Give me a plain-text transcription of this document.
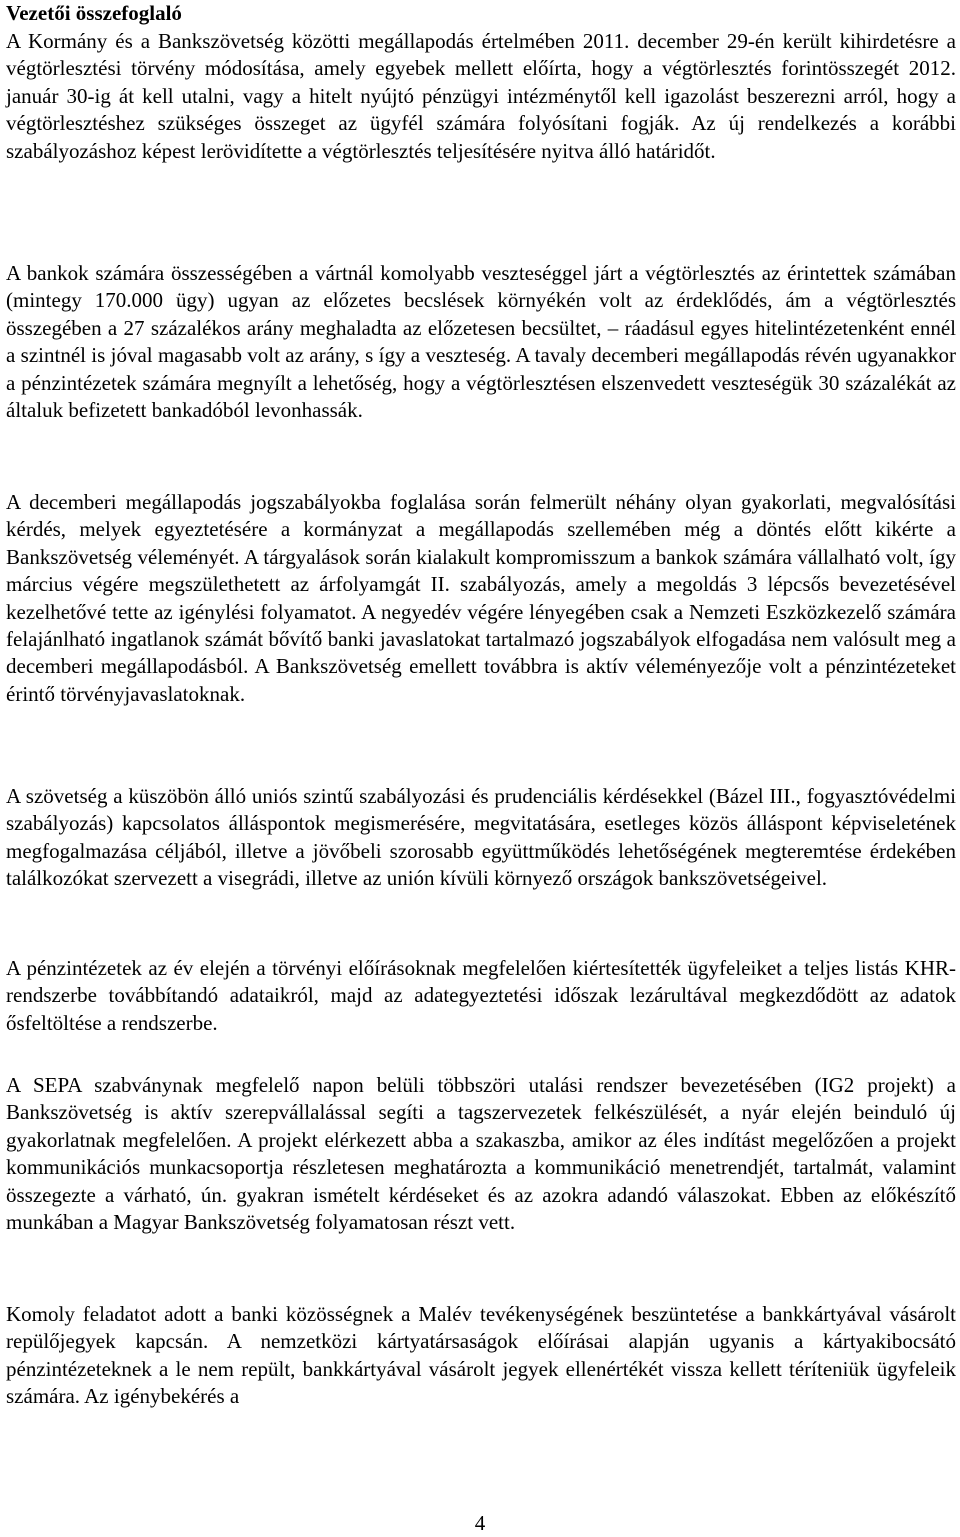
Vezetői összefoglaló

A Kormány és a Bankszövetség közötti megállapodás értelmében 2011. december 29-én került kihirdetésre a végtörlesztési törvény módosítása, amely egyebek mellett előírta, hogy a végtörlesztés forintösszegét 2012. január 30-ig át kell utalni, vagy a hitelt nyújtó pénzügyi intézménytől kell igazolást beszerezni arról, hogy a végtörlesztéshez szükséges összeget az ügyfél számára folyósítani fogják. Az új rendelkezés a korábbi szabályozáshoz képest lerövidítette a végtörlesztés teljesítésére nyitva álló határidőt.

A bankok számára összességében a vártnál komolyabb veszteséggel járt a végtörlesztés az érintettek számában (mintegy 170.000 ügy) ugyan az előzetes becslések környékén volt az érdeklődés, ám a végtörlesztés összegében a 27 százalékos arány meghaladta az előzetesen becsültet, – ráadásul egyes hitelintézetenként ennél a szintnél is jóval magasabb volt az arány, s így a veszteség. A tavaly decemberi megállapodás révén ugyanakkor a pénzintézetek számára megnyílt a lehetőség, hogy a végtörlesztésen elszenvedett veszteségük 30 százalékát az általuk befizetett bankadóból levonhassák.

A decemberi megállapodás jogszabályokba foglalása során felmerült néhány olyan gyakorlati, megvalósítási kérdés, melyek egyeztetésére a kormányzat a megállapodás szellemében még a döntés előtt kikérte a Bankszövetség véleményét. A tárgyalások során kialakult kompromisszum a bankok számára vállalható volt, így március végére megszülethetett az árfolyamgát II. szabályozás, amely a megoldás 3 lépcsős bevezetésével kezelhetővé tette az igénylési folyamatot. A negyedév végére lényegében csak a Nemzeti Eszközkezelő számára felajánlható ingatlanok számát bővítő banki javaslatokat tartalmazó jogszabályok elfogadása nem valósult meg a decemberi megállapodásból. A Bankszövetség emellett továbbra is aktív véleményezője volt a pénzintézeteket érintő törvényjavaslatoknak.

A szövetség a küszöbön álló uniós szintű szabályozási és prudenciális kérdésekkel (Bázel III., fogyasztóvédelmi szabályozás) kapcsolatos álláspontok megismerésére, megvitatására, esetleges közös álláspont képviseletének megfogalmazása céljából, illetve a jövőbeli szorosabb együttműködés lehetőségének megteremtése érdekében találkozókat szervezett a visegrádi, illetve az unión kívüli környező országok bankszövetségeivel.

A pénzintézetek az év elején a törvényi előírásoknak megfelelően kiértesítették ügyfeleiket a teljes listás KHR-rendszerbe továbbítandó adataikról, majd az adategyeztetési időszak lezárultával megkezdődött az adatok ősfeltöltése a rendszerbe.

A SEPA szabványnak megfelelő napon belüli többszöri utalási rendszer bevezetésében (IG2 projekt) a Bankszövetség is aktív szerepvállalással segíti a tagszervezetek felkészülését, a nyár elején beinduló új gyakorlatnak megfelelően. A projekt elérkezett abba a szakaszba, amikor az éles indítást megelőzően a projekt kommunikációs munkacsoportja részletesen meghatározta a kommunikáció menetrendjét, tartalmát, valamint összegezte a várható, ún. gyakran ismételt kérdéseket és az azokra adandó válaszokat. Ebben az előkészítő munkában a Magyar Bankszövetség folyamatosan részt vett.

Komoly feladatot adott a banki közösségnek a Malév tevékenységének beszüntetése a bankkártyával vásárolt repülőjegyek kapcsán. A nemzetközi kártyatársaságok előírásai alapján ugyanis a kártyakibocsátó pénzintézeteknek a le nem repült, bankkártyával vásárolt jegyek ellenértékét vissza kellett téríteniük ügyfeleik számára. Az igénybekérés a

4
